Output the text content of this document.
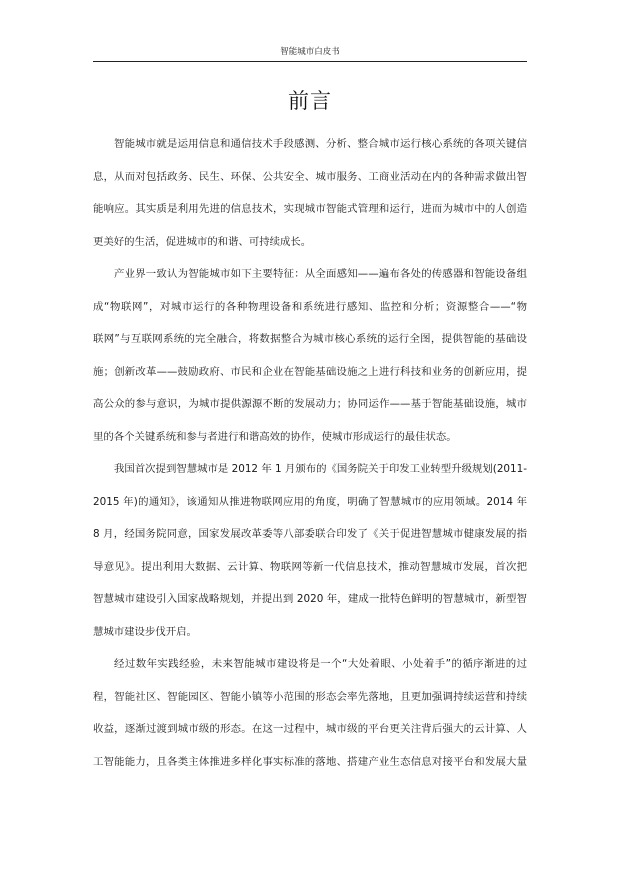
智能城市白皮书
前言

智能城市就是运用信息和通信技术手段感测、分析、整合城市运行核心系统的各项关键信

息，从而对包括政务、民生、环保、公共安全、城市服务、工商业活动在内的各种需求做出智

能响应。其实质是利用先进的信息技术，实现城市智能式管理和运行，进而为城市中的人创造

更美好的生活，促进城市的和谐、可持续成长。

产业界一致认为智能城市如下主要特征：从全面感知——遍布各处的传感器和智能设备组

成“物联网”，对城市运行的各种物理设备和系统进行感知、监控和分析；资源整合——“物

联网”与互联网系统的完全融合，将数据整合为城市核心系统的运行全图，提供智能的基础设

施；创新改革——鼓励政府、市民和企业在智能基础设施之上进行科技和业务的创新应用，提

高公众的参与意识，为城市提供源源不断的发展动力；协同运作——基于智能基础设施，城市

里的各个关键系统和参与者进行和谐高效的协作，使城市形成运行的最佳状态。

我国首次提到智慧城市是 2012 年 1 月颁布的《国务院关于印发工业转型升级规划(2011-

2015 年)的通知》，该通知从推进物联网应用的角度，明确了智慧城市的应用领域。2014 年

8 月，经国务院同意，国家发展改革委等八部委联合印发了《关于促进智慧城市健康发展的指

导意见》。提出利用大数据、云计算、物联网等新一代信息技术，推动智慧城市发展，首次把

智慧城市建设引入国家战略规划，并提出到 2020 年，建成一批特色鲜明的智慧城市，新型智

慧城市建设步伐开启。

经过数年实践经验，未来智能城市建设将是一个“大处着眼、小处着手”的循序渐进的过

程，智能社区、智能园区、智能小镇等小范围的形态会率先落地，且更加强调持续运营和持续

收益，逐渐过渡到城市级的形态。在这一过程中，城市级的平台更关注背后强大的云计算、人

工智能能力，且各类主体推进多样化事实标准的落地、搭建产业生态信息对接平台和发展大量
